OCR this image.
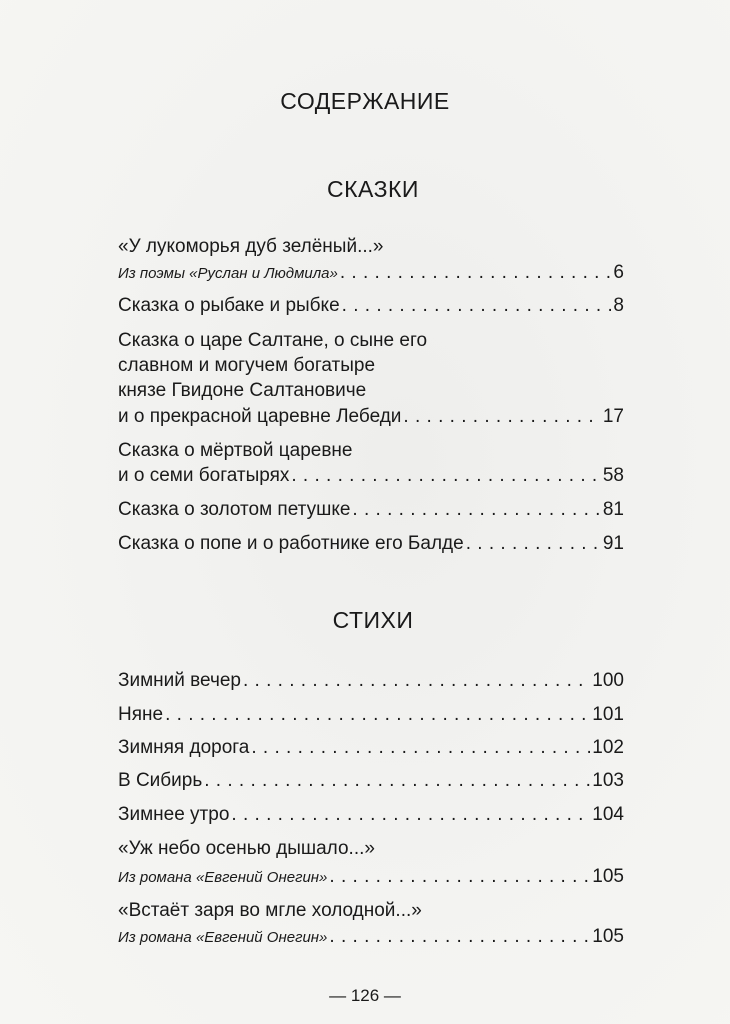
СОДЕРЖАНИЕ
СКАЗКИ
«У лукоморья дуб зелёный...»
Из поэмы «Руслан и Людмила» . . .	6
Сказка о рыбаке и рыбке . . .	8
Сказка о царе Салтане, о сыне его
славном и могучем богатыре
князе Гвидоне Салтановиче
и о прекрасной царевне Лебеди . . .	17
Сказка о мёртвой царевне
и о семи богатырях . . .	58
Сказка о золотом петушке . . .	81
Сказка о попе и о работнике его Балде . . .	91
СТИХИ
Зимний вечер . . .	100
Няне . . .	101
Зимняя дорога . . .	102
В Сибирь . . .	103
Зимнее утро . . .	104
«Уж небо осенью дышало...»
Из романа «Евгений Онегин» . . .	105
«Встаёт заря во мгле холодной...»
Из романа «Евгений Онегин» . . .	105
— 126 —
